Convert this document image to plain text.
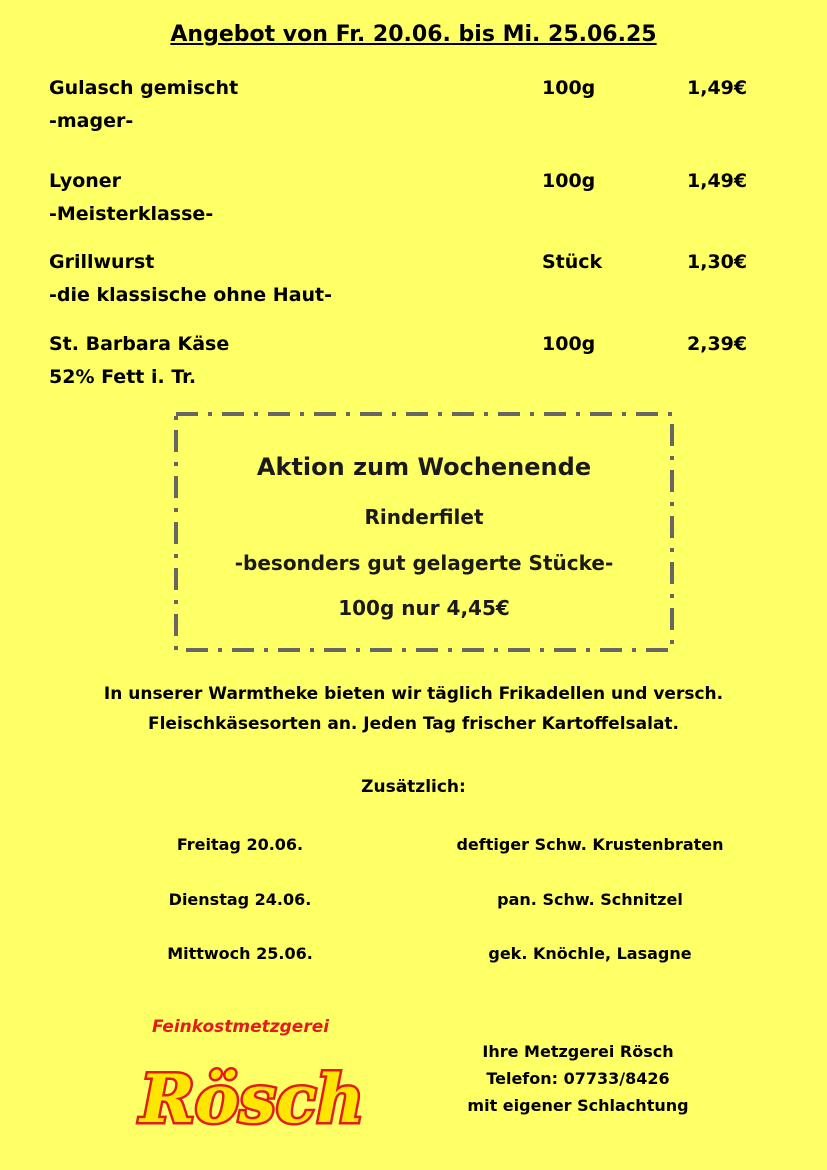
Angebot von Fr. 20.06. bis Mi. 25.06.25
Gulasch gemischt
-mager-
100g	1,49€
Lyoner
-Meisterklasse-
100g	1,49€
Grillwurst
-die klassische ohne Haut-
Stück	1,30€
St. Barbara Käse
52% Fett i. Tr.
100g	2,39€
Aktion zum Wochenende
Rinderfilet
-besonders gut gelagerte Stücke-
100g nur 4,45€
In unserer Warmtheke bieten wir täglich Frikadellen und versch.
Fleischkäsesorten an. Jeden Tag frischer Kartoffelsalat.
Zusätzlich:
Freitag 20.06.	deftiger Schw. Krustenbraten
Dienstag 24.06.	pan. Schw. Schnitzel
Mittwoch 25.06.	gek. Knöchle, Lasagne
Feinkostmetzgerei
Rösch
Ihre Metzgerei Rösch
Telefon: 07733/8426
mit eigener Schlachtung
